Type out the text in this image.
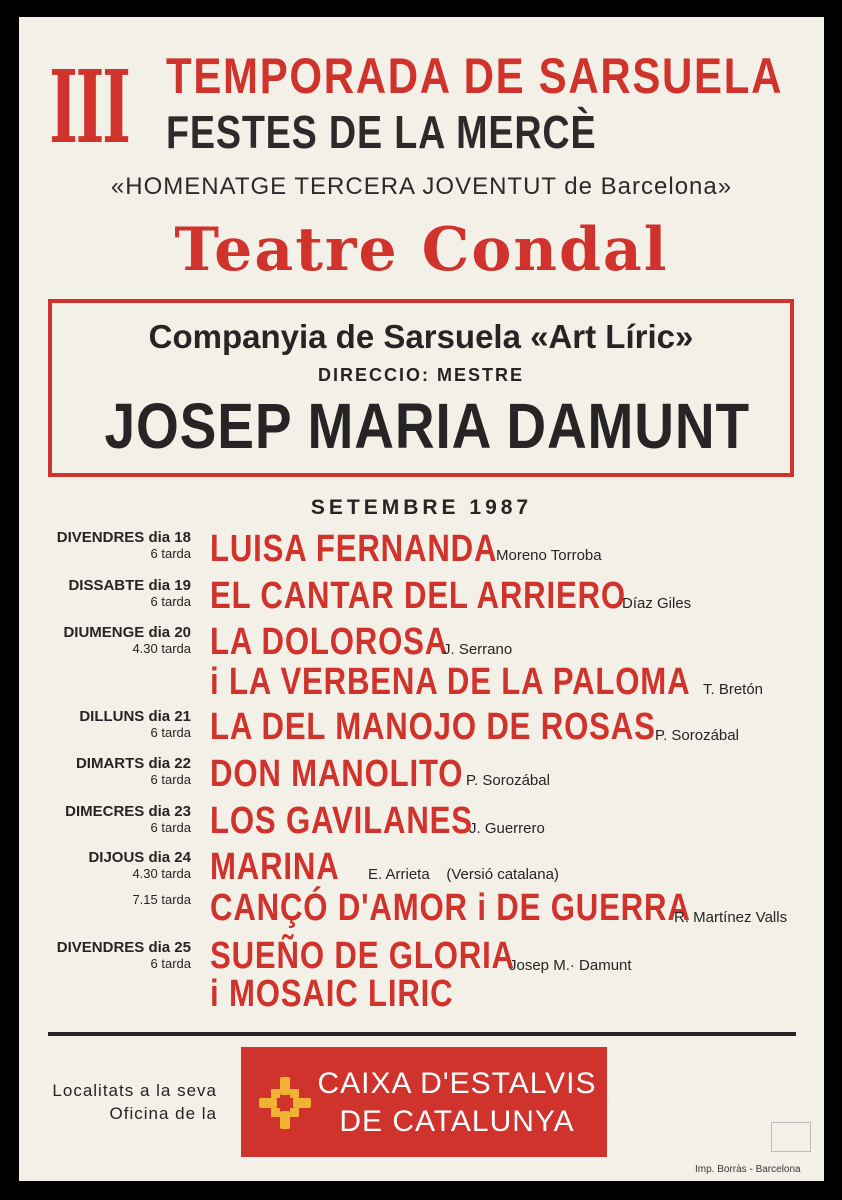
III TEMPORADA DE SARSUELA
FESTES DE LA MERCÈ
«HOMENATGE TERCERA JOVENTUT de Barcelona»
Teatre Condal
Companyia de Sarsuela «Art Líric»
DIRECCIO: MESTRE
JOSEP MARIA DAMUNT
SETEMBRE 1987
DIVENDRES dia 18
6 tarda LUISA FERNANDA
Moreno Torroba
DISSABTE dia 19
6 tarda EL CANTAR DEL ARRIERO
Díaz Giles
DIUMENGE dia 20
4.30 tarda LA DOLOROSA
J. Serrano
i LA VERBENA DE LA PALOMA T. Bretón
DILLUNS dia 21
6 tarda LA DEL MANOJO DE ROSAS P. Sorozábal
DIMARTS dia 22
6 tarda DON MANOLITO P. Sorozábal
DIMECRES dia 23
6 tarda LOS GAVILANES
J. Guerrero
DIJOUS dia 24
4.30 tarda MARINA	E. Arrieta    (Versió catalana)
7.15 tarda CANÇÓ D'AMOR i DE GUERRA
R. Martínez Valls
DIVENDRES dia 25
6 tarda SUEÑO DE GLORIA
Josep M.· Damunt
i MOSAIC LIRIC
Localitats a la seva
Oficina de la
CAIXA D'ESTALVIS
DE CATALUNYA
Imp. Borràs - Barcelona
